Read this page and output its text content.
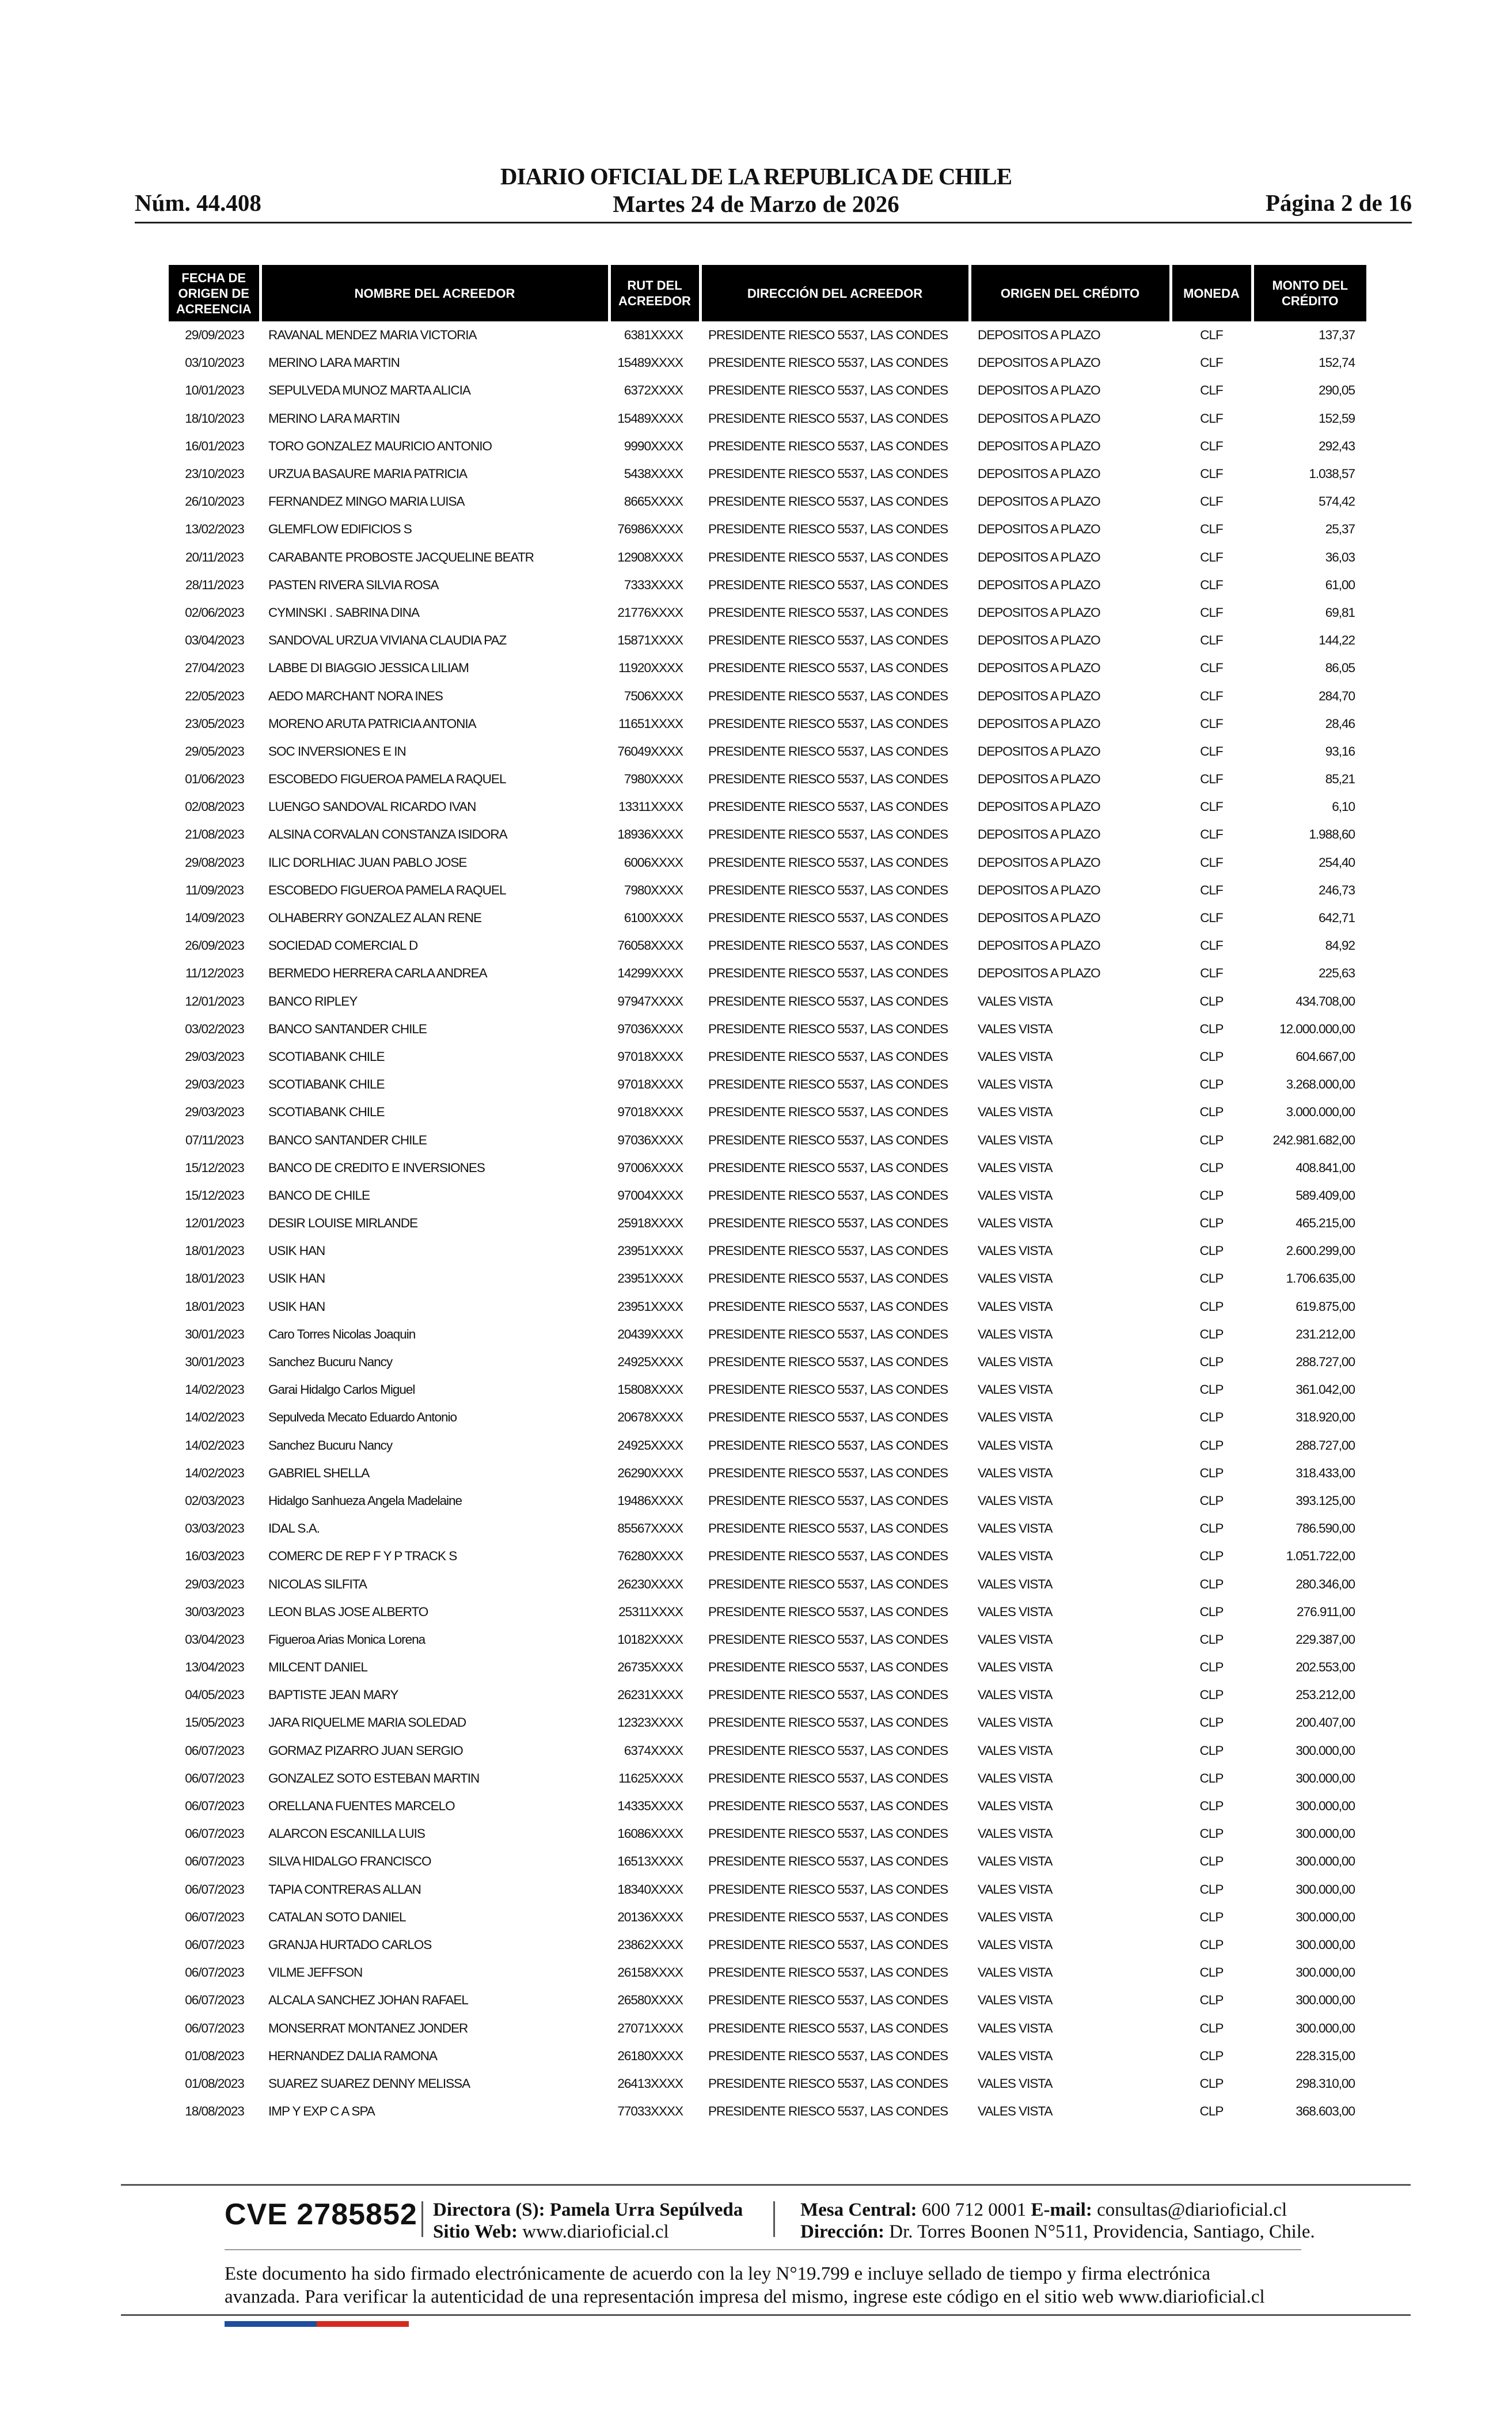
DIARIO OFICIAL DE LA REPUBLICA DE CHILE
Martes 24 de Marzo de 2026
Núm. 44.408	Página 2 de 16
FECHA DE ORIGEN DE ACREENCIA	NOMBRE DEL ACREEDOR	RUT DEL ACREEDOR	DIRECCIÓN DEL ACREEDOR	ORIGEN DEL CRÉDITO	MONEDA	MONTO DEL CRÉDITO
29/09/2023	RAVANAL MENDEZ MARIA VICTORIA	6381XXXX	PRESIDENTE RIESCO 5537, LAS CONDES	DEPOSITOS A PLAZO	CLF	137,37
03/10/2023	MERINO LARA MARTIN	15489XXXX	PRESIDENTE RIESCO 5537, LAS CONDES	DEPOSITOS A PLAZO	CLF	152,74
10/01/2023	SEPULVEDA MUNOZ MARTA ALICIA	6372XXXX	PRESIDENTE RIESCO 5537, LAS CONDES	DEPOSITOS A PLAZO	CLF	290,05
18/10/2023	MERINO LARA MARTIN	15489XXXX	PRESIDENTE RIESCO 5537, LAS CONDES	DEPOSITOS A PLAZO	CLF	152,59
16/01/2023	TORO GONZALEZ MAURICIO ANTONIO	9990XXXX	PRESIDENTE RIESCO 5537, LAS CONDES	DEPOSITOS A PLAZO	CLF	292,43
23/10/2023	URZUA BASAURE MARIA PATRICIA	5438XXXX	PRESIDENTE RIESCO 5537, LAS CONDES	DEPOSITOS A PLAZO	CLF	1.038,57
26/10/2023	FERNANDEZ MINGO MARIA LUISA	8665XXXX	PRESIDENTE RIESCO 5537, LAS CONDES	DEPOSITOS A PLAZO	CLF	574,42
13/02/2023	GLEMFLOW EDIFICIOS S	76986XXXX	PRESIDENTE RIESCO 5537, LAS CONDES	DEPOSITOS A PLAZO	CLF	25,37
20/11/2023	CARABANTE PROBOSTE JACQUELINE BEATR	12908XXXX	PRESIDENTE RIESCO 5537, LAS CONDES	DEPOSITOS A PLAZO	CLF	36,03
28/11/2023	PASTEN RIVERA SILVIA ROSA	7333XXXX	PRESIDENTE RIESCO 5537, LAS CONDES	DEPOSITOS A PLAZO	CLF	61,00
02/06/2023	CYMINSKI . SABRINA DINA	21776XXXX	PRESIDENTE RIESCO 5537, LAS CONDES	DEPOSITOS A PLAZO	CLF	69,81
03/04/2023	SANDOVAL URZUA VIVIANA CLAUDIA PAZ	15871XXXX	PRESIDENTE RIESCO 5537, LAS CONDES	DEPOSITOS A PLAZO	CLF	144,22
27/04/2023	LABBE DI BIAGGIO JESSICA LILIAM	11920XXXX	PRESIDENTE RIESCO 5537, LAS CONDES	DEPOSITOS A PLAZO	CLF	86,05
22/05/2023	AEDO MARCHANT NORA INES	7506XXXX	PRESIDENTE RIESCO 5537, LAS CONDES	DEPOSITOS A PLAZO	CLF	284,70
23/05/2023	MORENO ARUTA PATRICIA ANTONIA	11651XXXX	PRESIDENTE RIESCO 5537, LAS CONDES	DEPOSITOS A PLAZO	CLF	28,46
29/05/2023	SOC INVERSIONES E IN	76049XXXX	PRESIDENTE RIESCO 5537, LAS CONDES	DEPOSITOS A PLAZO	CLF	93,16
01/06/2023	ESCOBEDO FIGUEROA PAMELA RAQUEL	7980XXXX	PRESIDENTE RIESCO 5537, LAS CONDES	DEPOSITOS A PLAZO	CLF	85,21
02/08/2023	LUENGO SANDOVAL RICARDO IVAN	13311XXXX	PRESIDENTE RIESCO 5537, LAS CONDES	DEPOSITOS A PLAZO	CLF	6,10
21/08/2023	ALSINA CORVALAN CONSTANZA ISIDORA	18936XXXX	PRESIDENTE RIESCO 5537, LAS CONDES	DEPOSITOS A PLAZO	CLF	1.988,60
29/08/2023	ILIC DORLHIAC JUAN PABLO JOSE	6006XXXX	PRESIDENTE RIESCO 5537, LAS CONDES	DEPOSITOS A PLAZO	CLF	254,40
11/09/2023	ESCOBEDO FIGUEROA PAMELA RAQUEL	7980XXXX	PRESIDENTE RIESCO 5537, LAS CONDES	DEPOSITOS A PLAZO	CLF	246,73
14/09/2023	OLHABERRY GONZALEZ ALAN RENE	6100XXXX	PRESIDENTE RIESCO 5537, LAS CONDES	DEPOSITOS A PLAZO	CLF	642,71
26/09/2023	SOCIEDAD COMERCIAL D	76058XXXX	PRESIDENTE RIESCO 5537, LAS CONDES	DEPOSITOS A PLAZO	CLF	84,92
11/12/2023	BERMEDO HERRERA CARLA ANDREA	14299XXXX	PRESIDENTE RIESCO 5537, LAS CONDES	DEPOSITOS A PLAZO	CLF	225,63
12/01/2023	BANCO RIPLEY	97947XXXX	PRESIDENTE RIESCO 5537, LAS CONDES	VALES VISTA	CLP	434.708,00
03/02/2023	BANCO SANTANDER CHILE	97036XXXX	PRESIDENTE RIESCO 5537, LAS CONDES	VALES VISTA	CLP	12.000.000,00
29/03/2023	SCOTIABANK CHILE	97018XXXX	PRESIDENTE RIESCO 5537, LAS CONDES	VALES VISTA	CLP	604.667,00
29/03/2023	SCOTIABANK CHILE	97018XXXX	PRESIDENTE RIESCO 5537, LAS CONDES	VALES VISTA	CLP	3.268.000,00
29/03/2023	SCOTIABANK CHILE	97018XXXX	PRESIDENTE RIESCO 5537, LAS CONDES	VALES VISTA	CLP	3.000.000,00
07/11/2023	BANCO SANTANDER CHILE	97036XXXX	PRESIDENTE RIESCO 5537, LAS CONDES	VALES VISTA	CLP	242.981.682,00
15/12/2023	BANCO DE CREDITO E INVERSIONES	97006XXXX	PRESIDENTE RIESCO 5537, LAS CONDES	VALES VISTA	CLP	408.841,00
15/12/2023	BANCO DE CHILE	97004XXXX	PRESIDENTE RIESCO 5537, LAS CONDES	VALES VISTA	CLP	589.409,00
12/01/2023	DESIR LOUISE MIRLANDE	25918XXXX	PRESIDENTE RIESCO 5537, LAS CONDES	VALES VISTA	CLP	465.215,00
18/01/2023	USIK HAN	23951XXXX	PRESIDENTE RIESCO 5537, LAS CONDES	VALES VISTA	CLP	2.600.299,00
18/01/2023	USIK HAN	23951XXXX	PRESIDENTE RIESCO 5537, LAS CONDES	VALES VISTA	CLP	1.706.635,00
18/01/2023	USIK HAN	23951XXXX	PRESIDENTE RIESCO 5537, LAS CONDES	VALES VISTA	CLP	619.875,00
30/01/2023	Caro Torres Nicolas Joaquin	20439XXXX	PRESIDENTE RIESCO 5537, LAS CONDES	VALES VISTA	CLP	231.212,00
30/01/2023	Sanchez Bucuru Nancy	24925XXXX	PRESIDENTE RIESCO 5537, LAS CONDES	VALES VISTA	CLP	288.727,00
14/02/2023	Garai Hidalgo Carlos Miguel	15808XXXX	PRESIDENTE RIESCO 5537, LAS CONDES	VALES VISTA	CLP	361.042,00
14/02/2023	Sepulveda Mecato Eduardo Antonio	20678XXXX	PRESIDENTE RIESCO 5537, LAS CONDES	VALES VISTA	CLP	318.920,00
14/02/2023	Sanchez Bucuru Nancy	24925XXXX	PRESIDENTE RIESCO 5537, LAS CONDES	VALES VISTA	CLP	288.727,00
14/02/2023	GABRIEL SHELLA	26290XXXX	PRESIDENTE RIESCO 5537, LAS CONDES	VALES VISTA	CLP	318.433,00
02/03/2023	Hidalgo Sanhueza Angela Madelaine	19486XXXX	PRESIDENTE RIESCO 5537, LAS CONDES	VALES VISTA	CLP	393.125,00
03/03/2023	IDAL S.A.	85567XXXX	PRESIDENTE RIESCO 5537, LAS CONDES	VALES VISTA	CLP	786.590,00
16/03/2023	COMERC DE REP F Y P TRACK S	76280XXXX	PRESIDENTE RIESCO 5537, LAS CONDES	VALES VISTA	CLP	1.051.722,00
29/03/2023	NICOLAS SILFITA	26230XXXX	PRESIDENTE RIESCO 5537, LAS CONDES	VALES VISTA	CLP	280.346,00
30/03/2023	LEON BLAS JOSE ALBERTO	25311XXXX	PRESIDENTE RIESCO 5537, LAS CONDES	VALES VISTA	CLP	276.911,00
03/04/2023	Figueroa Arias Monica Lorena	10182XXXX	PRESIDENTE RIESCO 5537, LAS CONDES	VALES VISTA	CLP	229.387,00
13/04/2023	MILCENT DANIEL	26735XXXX	PRESIDENTE RIESCO 5537, LAS CONDES	VALES VISTA	CLP	202.553,00
04/05/2023	BAPTISTE JEAN MARY	26231XXXX	PRESIDENTE RIESCO 5537, LAS CONDES	VALES VISTA	CLP	253.212,00
15/05/2023	JARA RIQUELME MARIA SOLEDAD	12323XXXX	PRESIDENTE RIESCO 5537, LAS CONDES	VALES VISTA	CLP	200.407,00
06/07/2023	GORMAZ PIZARRO JUAN SERGIO	6374XXXX	PRESIDENTE RIESCO 5537, LAS CONDES	VALES VISTA	CLP	300.000,00
06/07/2023	GONZALEZ SOTO ESTEBAN MARTIN	11625XXXX	PRESIDENTE RIESCO 5537, LAS CONDES	VALES VISTA	CLP	300.000,00
06/07/2023	ORELLANA FUENTES MARCELO	14335XXXX	PRESIDENTE RIESCO 5537, LAS CONDES	VALES VISTA	CLP	300.000,00
06/07/2023	ALARCON ESCANILLA LUIS	16086XXXX	PRESIDENTE RIESCO 5537, LAS CONDES	VALES VISTA	CLP	300.000,00
06/07/2023	SILVA HIDALGO FRANCISCO	16513XXXX	PRESIDENTE RIESCO 5537, LAS CONDES	VALES VISTA	CLP	300.000,00
06/07/2023	TAPIA CONTRERAS ALLAN	18340XXXX	PRESIDENTE RIESCO 5537, LAS CONDES	VALES VISTA	CLP	300.000,00
06/07/2023	CATALAN SOTO DANIEL	20136XXXX	PRESIDENTE RIESCO 5537, LAS CONDES	VALES VISTA	CLP	300.000,00
06/07/2023	GRANJA HURTADO CARLOS	23862XXXX	PRESIDENTE RIESCO 5537, LAS CONDES	VALES VISTA	CLP	300.000,00
06/07/2023	VILME JEFFSON	26158XXXX	PRESIDENTE RIESCO 5537, LAS CONDES	VALES VISTA	CLP	300.000,00
06/07/2023	ALCALA SANCHEZ JOHAN RAFAEL	26580XXXX	PRESIDENTE RIESCO 5537, LAS CONDES	VALES VISTA	CLP	300.000,00
06/07/2023	MONSERRAT MONTANEZ JONDER	27071XXXX	PRESIDENTE RIESCO 5537, LAS CONDES	VALES VISTA	CLP	300.000,00
01/08/2023	HERNANDEZ DALIA RAMONA	26180XXXX	PRESIDENTE RIESCO 5537, LAS CONDES	VALES VISTA	CLP	228.315,00
01/08/2023	SUAREZ SUAREZ DENNY MELISSA	26413XXXX	PRESIDENTE RIESCO 5537, LAS CONDES	VALES VISTA	CLP	298.310,00
18/08/2023	IMP Y EXP C A SPA	77033XXXX	PRESIDENTE RIESCO 5537, LAS CONDES	VALES VISTA	CLP	368.603,00
CVE 2785852 Directora (S): Pamela Urra Sepúlveda
Sitio Web: www.diarioficial.cl
Mesa Central: 600 712 0001 E-mail: consultas@diarioficial.cl
Dirección: Dr. Torres Boonen N°511, Providencia, Santiago, Chile.
Este documento ha sido firmado electrónicamente de acuerdo con la ley N°19.799 e incluye sellado de tiempo y firma electrónica
avanzada. Para verificar la autenticidad de una representación impresa del mismo, ingrese este código en el sitio web www.diarioficial.cl
